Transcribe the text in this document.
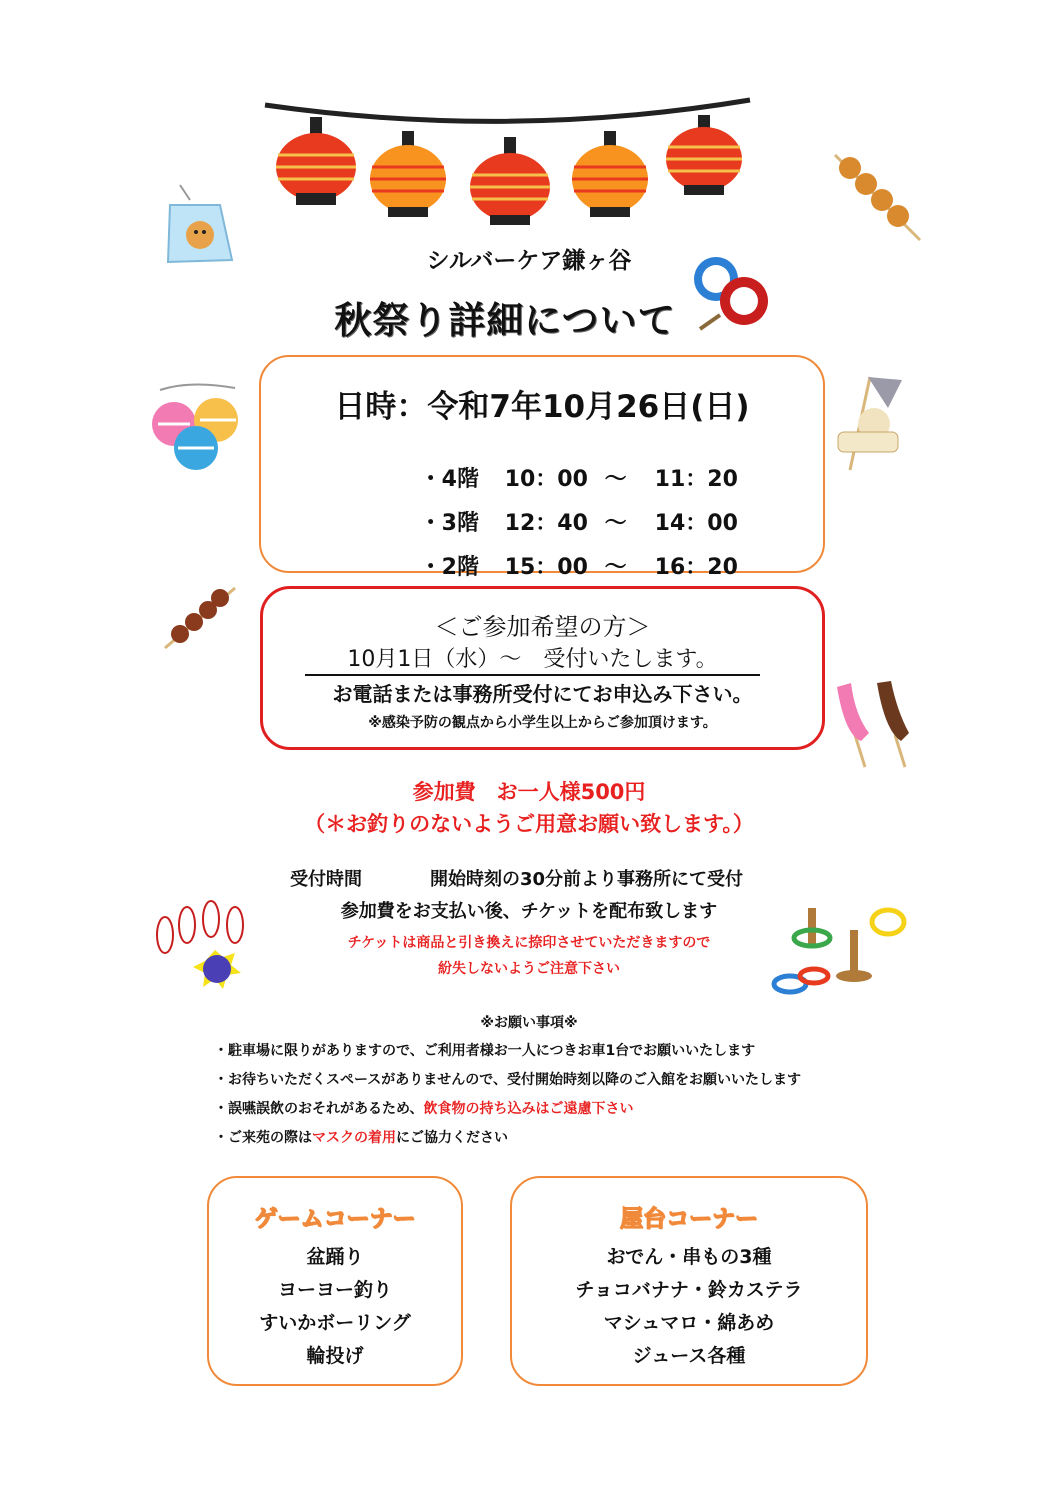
シルバーケア鎌ヶ谷
秋祭り詳細について
日時：令和7年10月26日(日)

・4階 10：00 ～ 11：20

・3階 12：40 ～ 14：00

・2階 15：00 ～ 16：20

＜ご参加希望の方＞
10月1日（水）～　受付いたします。
お電話または事務所受付にてお申込み下さい。
※感染予防の観点から小学生以上からご参加頂けます。
参加費　お一人様500円
（＊お釣りのないようご用意お願い致します。）
受付時間	開始時刻の30分前より事務所にて受付
参加費をお支払い後、チケットを配布致します
チケットは商品と引き換えに捺印させていただきますので
紛失しないようご注意下さい
※お願い事項※
・駐車場に限りがありますので、ご利用者様お一人につきお車1台でお願いいたします
・お待ちいただくスペースがありませんので、受付開始時刻以降のご入館をお願いいたします
・誤嚥誤飲のおそれがあるため、飲食物の持ち込みはご遠慮下さい
・ご来苑の際はマスクの着用にご協力ください
ゲームコーナー
盆踊り
ヨーヨー釣り
すいかボーリング
輪投げ
屋台コーナー
おでん・串もの3種
チョコバナナ・鈴カステラ
マシュマロ・綿あめ
ジュース各種
